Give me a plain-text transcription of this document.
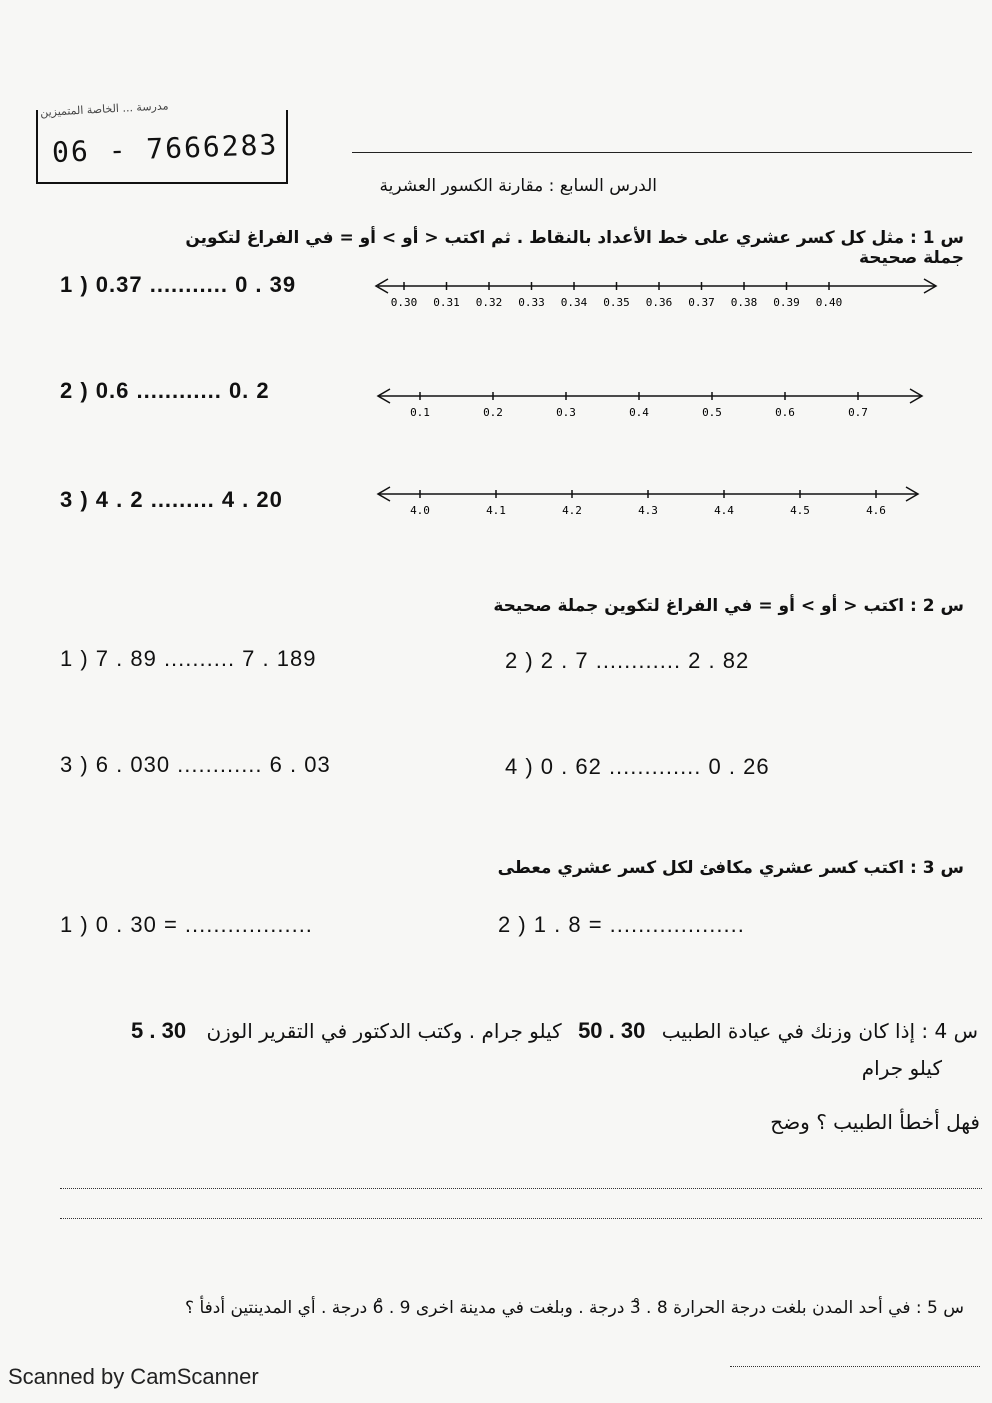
مدرسة ... الخاصة المتميزين
06 - 7666283
الدرس السابع : مقارنة الكسور العشرية
س 1 : مثل كل كسر عشري على خط الأعداد بالنقاط . ثم اكتب < أو > أو = في الفراغ لتكوين جملة صحيحة
1 ) 0.37 ........... 0 . 39
0.30 0.31 0.32 0.33 0.34 0.35 0.36 0.37 0.38 0.39 0.40
2 ) 0.6 ............ 0. 2
0.1	0.2	0.3	0.4	0.5	0.6	0.7
3 ) 4 . 2 ......... 4 . 20	4.0	4.1	4.2	4.3	4.4	4.5	4.6
س 2 : اكتب < أو > أو = في الفراغ لتكوين جملة صحيحة
1 ) 7 . 89 .......... 7 . 189	2 ) 2 . 7 ............ 2 . 82
3 ) 6 . 030 ............ 6 . 03	4 ) 0 . 62 ............. 0 . 26
س 3 : اكتب كسر عشري مكافئ لكل كسر عشري معطى
1 ) 0 . 30 = ..................	2 ) 1 . 8 = ...................
س 4 : إذا كان وزنك في عيادة الطبيب 30 . 50 كيلو جرام . وكتب الدكتور في التقرير الوزن 30 . 5
كيلو جرام
فهل أخطأ الطبيب ؟ وضح
س 5 : في أحد المدن بلغت درجة الحرارة 8 . 3̊ درجة . وبلغت في مدينة اخرى 9 . 6̊ درجة . أي المدينتين أدفأ ؟
Scanned by CamScanner
